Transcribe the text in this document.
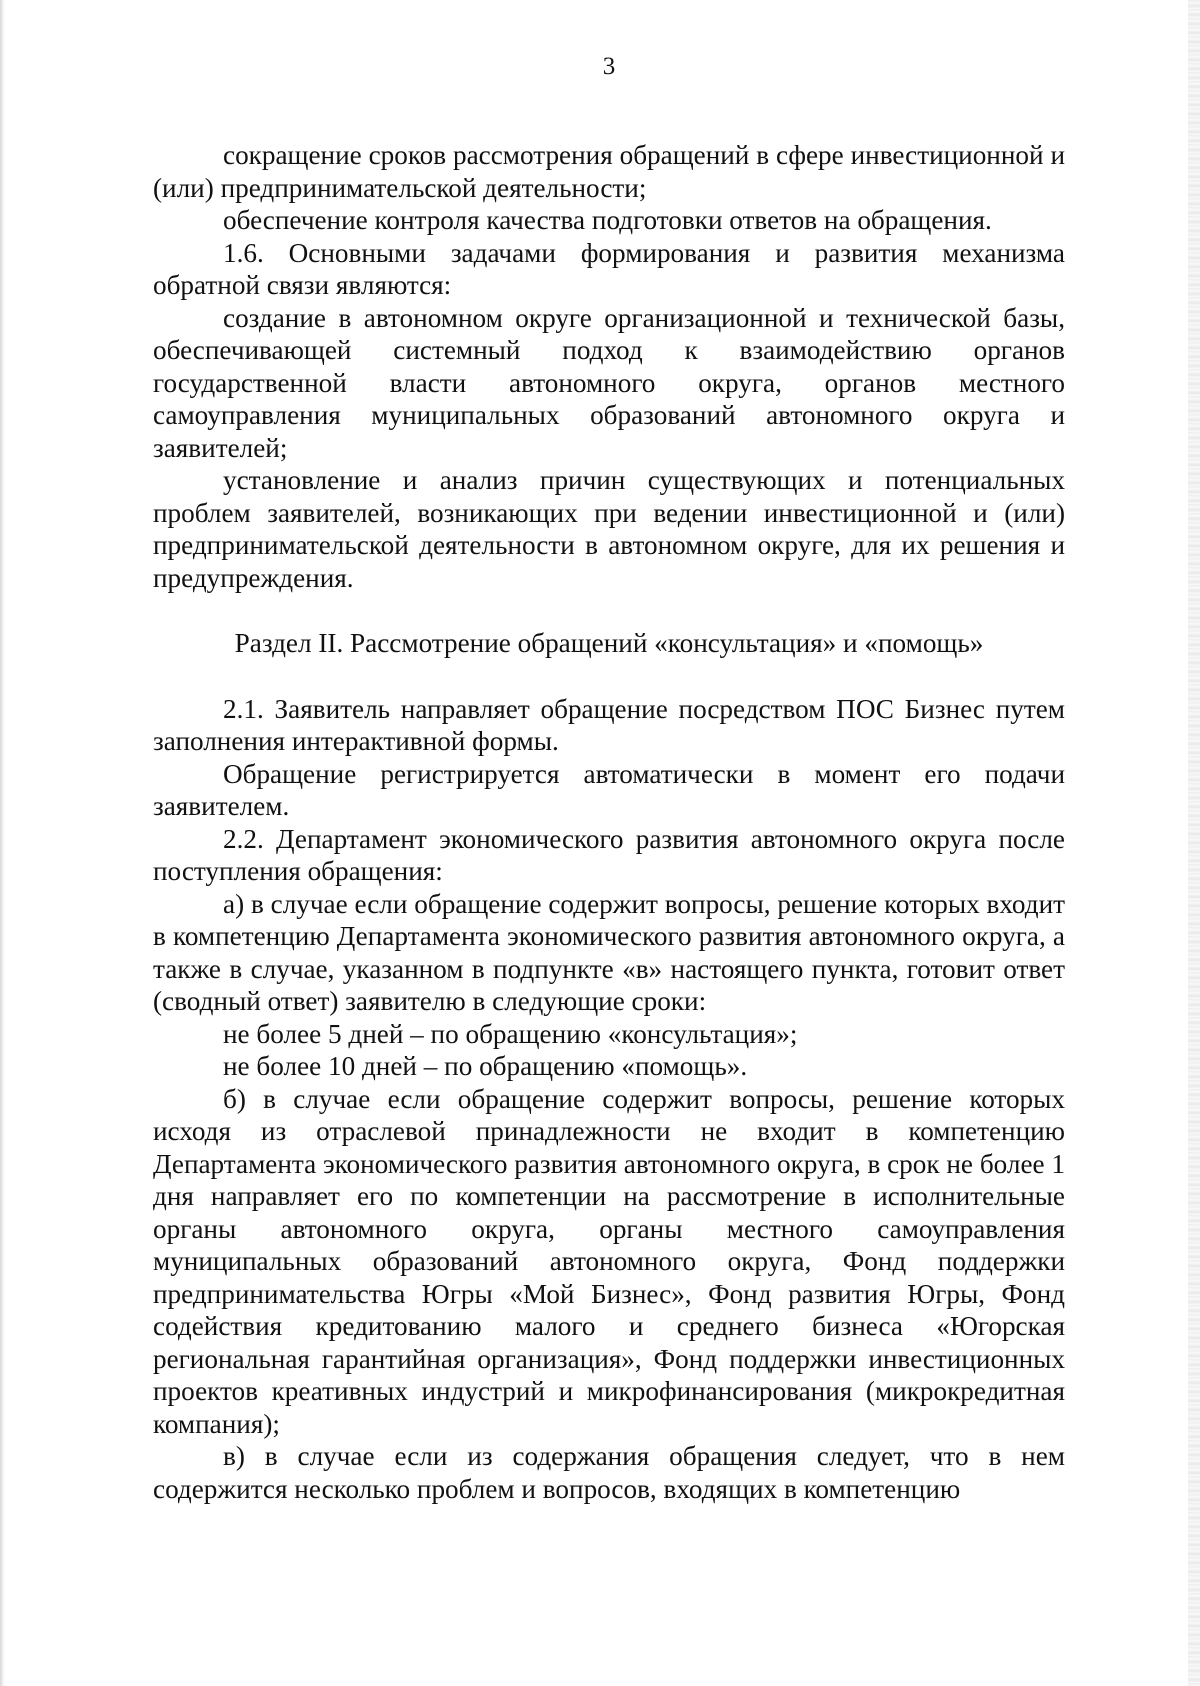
3

сокращение сроков рассмотрения обращений в сфере инвестиционной и (или) предпринимательской деятельности;

обеспечение контроля качества подготовки ответов на обращения.

1.6. Основными задачами формирования и развития механизма обратной связи являются:

создание в автономном округе организационной и технической базы, обеспечивающей системный подход к взаимодействию органов государственной власти автономного округа, органов местного самоуправления муниципальных образований автономного округа и заявителей;

установление и анализ причин существующих и потенциальных проблем заявителей, возникающих при ведении инвестиционной и (или) предпринимательской деятельности в автономном округе, для их решения и предупреждения.

Раздел II. Рассмотрение обращений «консультация» и «помощь»

2.1. Заявитель направляет обращение посредством ПОС Бизнес путем заполнения интерактивной формы.

Обращение регистрируется автоматически в момент его подачи заявителем.

2.2. Департамент экономического развития автономного округа после поступления обращения:

а) в случае если обращение содержит вопросы, решение которых входит в компетенцию Департамента экономического развития автономного округа, а также в случае, указанном в подпункте «в» настоящего пункта, готовит ответ (сводный ответ) заявителю в следующие сроки:

не более 5 дней – по обращению «консультация»;

не более 10 дней – по обращению «помощь».

б) в случае если обращение содержит вопросы, решение которых исходя из отраслевой принадлежности не входит в компетенцию Департамента экономического развития автономного округа, в срок не более 1 дня направляет его по компетенции на рассмотрение в исполнительные органы автономного округа, органы местного самоуправления муниципальных образований автономного округа, Фонд поддержки предпринимательства Югры «Мой Бизнес», Фонд развития Югры, Фонд содействия кредитованию малого и среднего бизнеса «Югорская региональная гарантийная организация», Фонд поддержки инвестиционных проектов креативных индустрий и микрофинансирования (микрокредитная компания);

в) в случае если из содержания обращения следует, что в нем содержится несколько проблем и вопросов, входящих в компетенцию
